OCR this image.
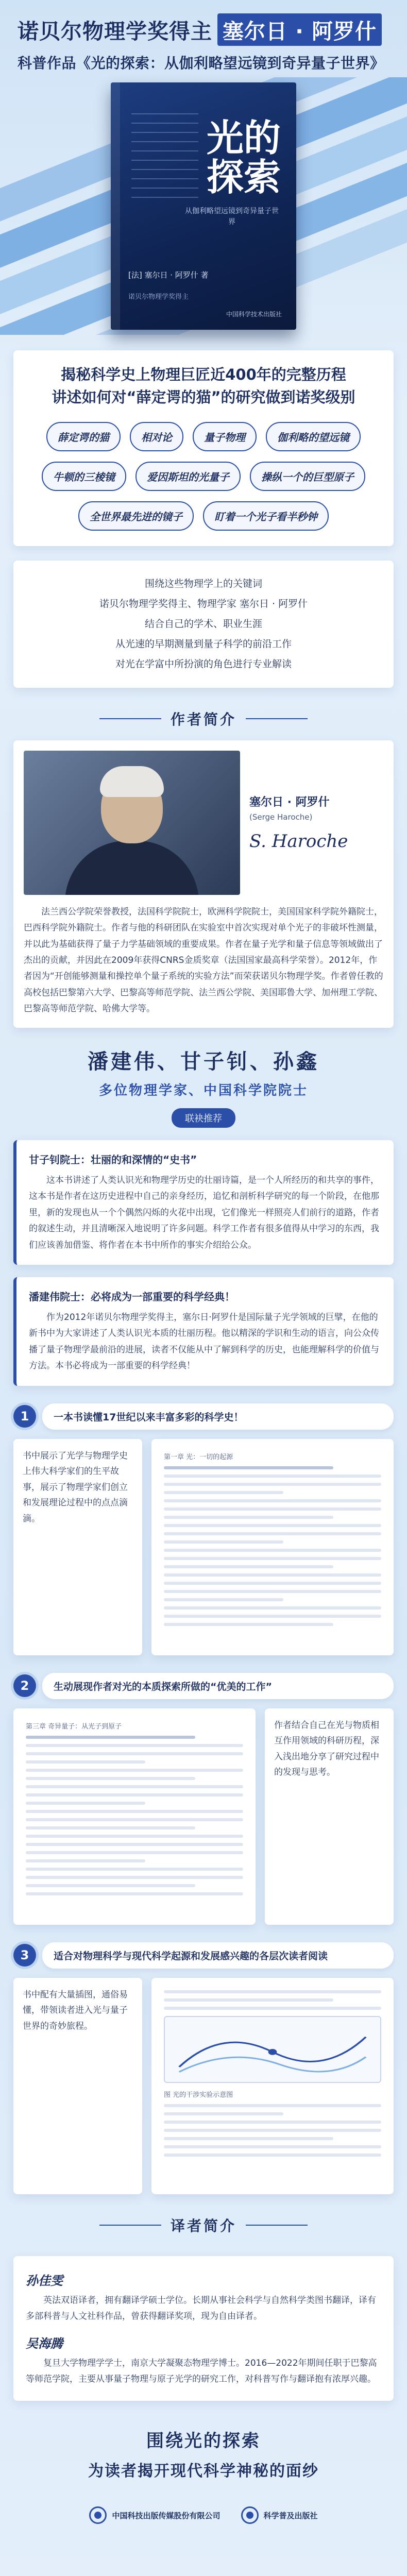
诺贝尔物理学奖得主 塞尔日 · 阿罗什
科普作品《光的探索：从伽利略望远镜到奇异量子世界》
光的
探索
从伽利略望远镜到奇异量子世界
[法] 塞尔日 · 阿罗什 著
诺贝尔物理学奖得主
中国科学技术出版社
揭秘科学史上物理巨匠近400年的完整历程
讲述如何对“薛定谔的猫”的研究做到诺奖级别
薛定谔的猫	相对论	量子物理	伽利略的望远镜
牛顿的三棱镜	爱因斯坦的光量子	操纵一个的巨型原子
全世界最先进的镜子	盯着一个光子看半秒钟
围绕这些物理学上的关键词
诺贝尔物理学奖得主、物理学家 塞尔日 · 阿罗什
结合自己的学术、职业生涯
从光速的早期测量到量子科学的前沿工作
对光在学富中所扮演的角色进行专业解读
作者简介
塞尔日 · 阿罗什
(Serge Haroche)
S. Haroche

法兰西公学院荣誉教授，法国科学院院士，欧洲科学院院士，美国国家科学院外籍院士，巴西科学院外籍院士。作者与他的科研团队在实验室中首次实现对单个光子的非破坏性测量，并以此为基础获得了量子力学基础领域的重要成果。作者在量子光学和量子信息等领域做出了杰出的贡献，并因此在2009年获得CNRS金质奖章（法国国家最高科学荣誉）。2012年，作者因为“开创能够测量和操控单个量子系统的实验方法”而荣获诺贝尔物理学奖。作者曾任教的高校包括巴黎第六大学、巴黎高等师范学院、法兰西公学院、美国耶鲁大学、加州理工学院、巴黎高等师范学院、哈佛大学等。

潘建伟、甘子钊、孙鑫
多位物理学家、中国科学院院士
联袂推荐
甘子钊院士：壮丽的和深情的“史书”

这本书讲述了人类认识光和物理学历史的壮丽诗篇，是一个人所经历的和共享的事件，这本书是作者在这历史进程中自己的亲身经历，追忆和剖析科学研究的每一个阶段，在他那里，新的发现也从一个个偶然闪烁的火花中出现，它们像光一样照亮人们前行的道路，作者的叙述生动，并且清晰深入地说明了许多问题。科学工作者有很多值得从中学习的东西，我们应该善加借鉴、将作者在本书中所作的事实介绍给公众。

潘建伟院士：必将成为一部重要的科学经典！

作为2012年诺贝尔物理学奖得主，塞尔日·阿罗什是国际量子光学领域的巨擘，在他的新书中为大家讲述了人类认识光本质的壮丽历程。他以精深的学识和生动的语言，向公众传播了量子物理学最前沿的进展，读者不仅能从中了解到科学的历史，也能理解科学的价值与方法。本书必将成为一部重要的科学经典！

1	一本书读懂17世纪以来丰富多彩的科学史！
书中展示了光学与物理学史上伟大科学家们的生平故事，展示了物理学家们创立和发展理论过程中的点点滴滴。
第一章 光：一切的起源
2	生动展现作者对光的本质探索所做的“优美的工作”
第三章 奇异量子：从光子到原子	作者结合自己在光与物质相互作用领域的科研历程，深入浅出地分享了研究过程中的发现与思考。
3	适合对物理科学与现代科学起源和发展感兴趣的各层次读者阅读
书中配有大量插图，通俗易懂，带领读者进入光与量子世界的奇妙旅程。
图 光的干涉实验示意图
译者简介
孙佳雯

英法双语译者，拥有翻译学硕士学位。长期从事社会科学与自然科学类图书翻译，译有多部科普与人文社科作品，曾获得翻译奖项，现为自由译者。

吴海腾

复旦大学物理学学士，南京大学凝聚态物理学博士。2016—2022年期间任职于巴黎高等师范学院，主要从事量子物理与原子光学的研究工作，对科普写作与翻译抱有浓厚兴趣。

围绕光的探索
为读者揭开现代科学神秘的面纱
中国科技出版传媒股份有限公司	科学普及出版社
